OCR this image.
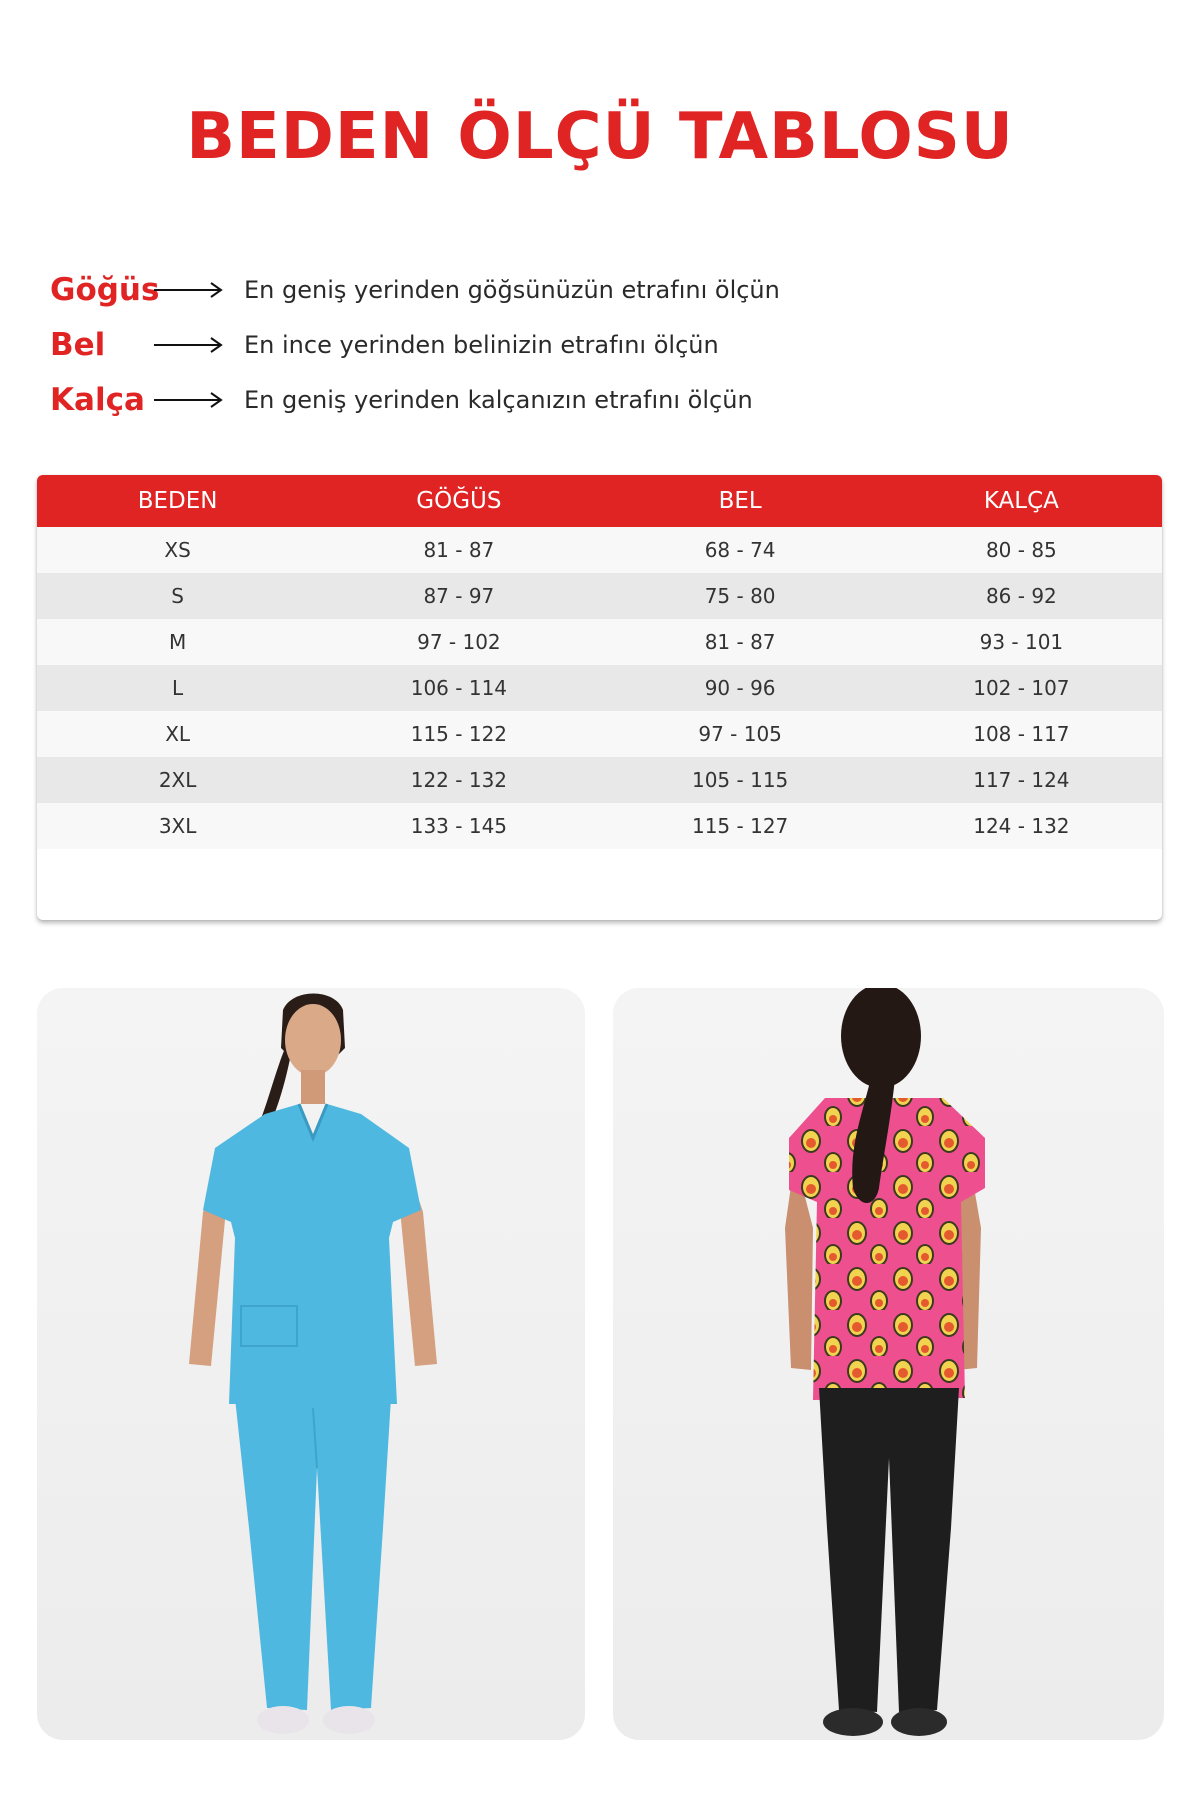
BEDEN ÖLÇÜ TABLOSU
Göğüs	En geniş yerinden göğsünüzün etrafını ölçün
Bel	En ince yerinden belinizin etrafını ölçün
Kalça	En geniş yerinden kalçanızın etrafını ölçün
BEDEN	GÖĞÜS	BEL	KALÇA
XS	81 - 87	68 - 74	80 - 85
S	87 - 97	75 - 80	86 - 92
M	97 - 102	81 - 87	93 - 101
L	106 - 114	90 - 96	102 - 107
XL	115 - 122	97 - 105	108 - 117
2XL	122 - 132	105 - 115	117 - 124
3XL	133 - 145	115 - 127	124 - 132
